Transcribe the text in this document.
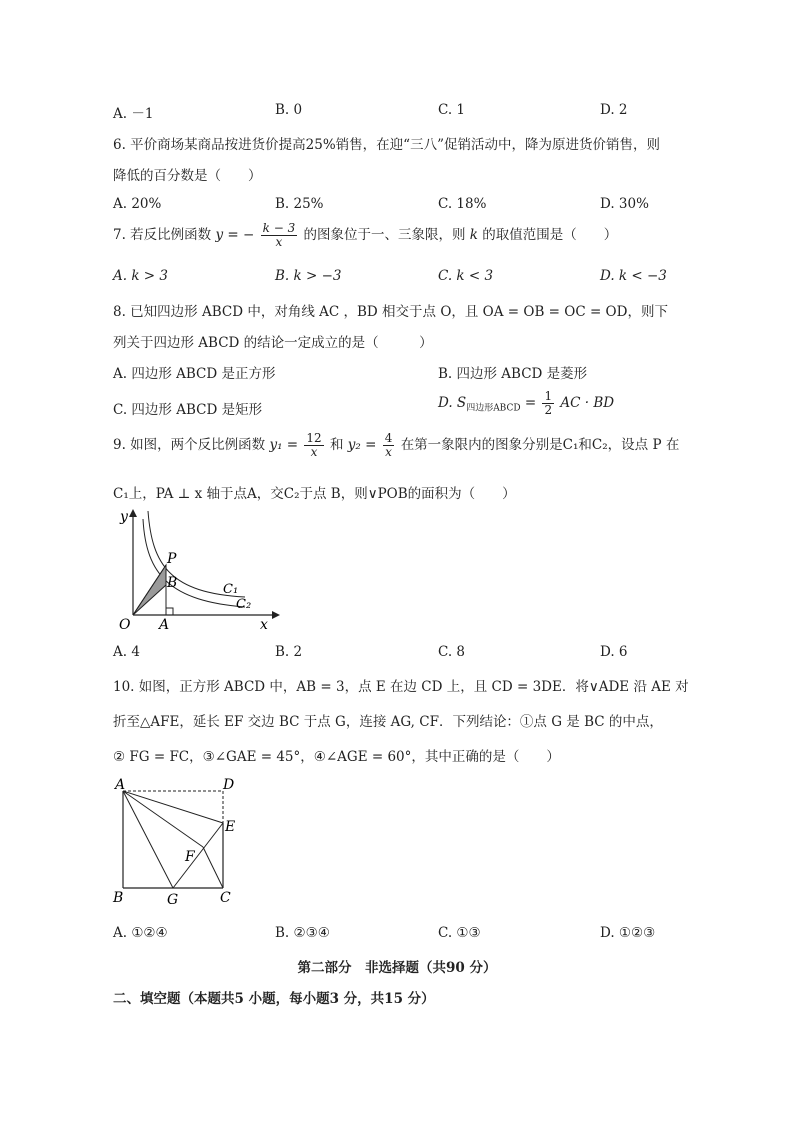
A. －1	B. 0	C. 1	D. 2
6. 平价商场某商品按进货价提高25%销售，在迎“三八”促销活动中，降为原进货价销售，则
降低的百分数是（　　）
A. 20%	B. 25%	C. 18%	D. 30%
7. 若反比例函数 y = − $\frac{k - 3}{x}$ 的图象位于一、三象限，则 k 的取值范围是（　　）
A. k > 3	B. k > −3	C. k < 3	D. k < −3
8. 已知四边形 ABCD 中，对角线 AC ，BD 相交于点 O，且 OA = OB = OC = OD，则下
列关于四边形 ABCD 的结论一定成立的是（　　　）
A. 四边形 ABCD 是正方形	B. 四边形 ABCD 是菱形
C. 四边形 ABCD 是矩形	D. $S_{四边形ABCD} = \frac{1}{2}$ AC · BD
9. 如图，两个反比例函数 $y_1 = \frac{12}{x}$ 和 $y_2 = \frac{4}{x}$ 在第一象限内的图象分别是C₁和C₂，设点 P 在
C₁上，PA ⊥ x 轴于点A，交C₂于点 B，则∨POB的面积为（　　）
y
x
O A
P
B	C₁
C₂
A. 4	B. 2	C. 8	D. 6
10. 如图，正方形 ABCD 中，AB = 3，点 E 在边 CD 上，且 CD = 3DE．将∨ADE 沿 AE 对
折至△AFE，延长 EF 交边 BC 于点 G，连接 AG, CF．下列结论：①点 G 是 BC 的中点，
② FG = FC，③∠GAE = 45°，④∠AGE = 60°，其中正确的是（　　）
A	D
E
F
B	G	C
A. ①②④	B. ②③④	C. ①③	D. ①②③
第二部分　非选择题（共90 分）
二、填空题（本题共5 小题，每小题3 分，共15 分）
